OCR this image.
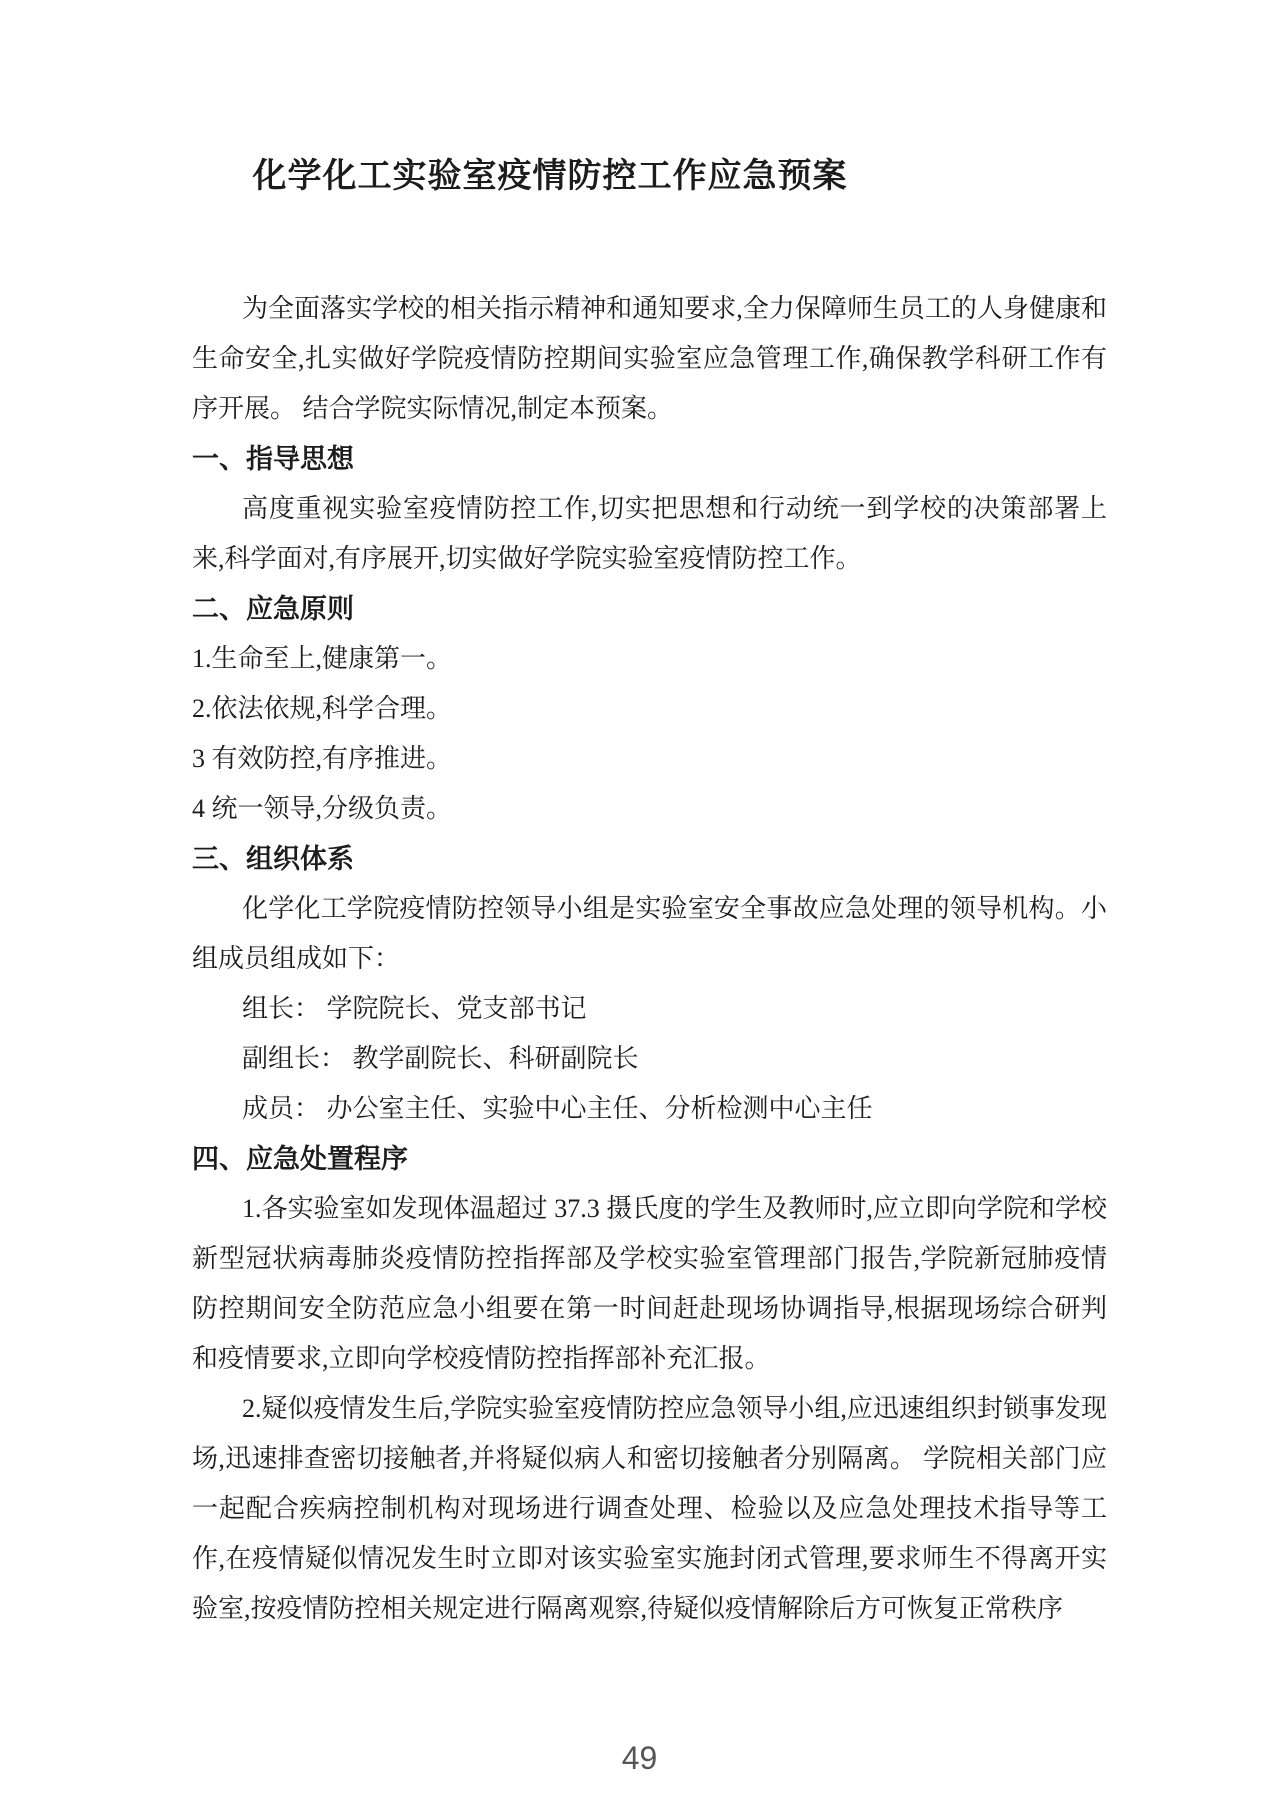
化学化工实验室疫情防控工作应急预案

为全面落实学校的相关指示精神和通知要求,全力保障师生员工的人身健康和生命安全,扎实做好学院疫情防控期间实验室应急管理工作,确保教学科研工作有序开展。 结合学院实际情况,制定本预案。

一、指导思想

高度重视实验室疫情防控工作,切实把思想和行动统一到学校的决策部署上来,科学面对,有序展开,切实做好学院实验室疫情防控工作。

二、应急原则

1.生命至上,健康第一。

2.依法依规,科学合理。

3 有效防控,有序推进。

4 统一领导,分级负责。

三、组织体系

化学化工学院疫情防控领导小组是实验室安全事故应急处理的领导机构。小组成员组成如下：

组长： 学院院长、党支部书记

副组长： 教学副院长、科研副院长

成员： 办公室主任、实验中心主任、分析检测中心主任

四、应急处置程序

1.各实验室如发现体温超过 37.3 摄氏度的学生及教师时,应立即向学院和学校新型冠状病毒肺炎疫情防控指挥部及学校实验室管理部门报告,学院新冠肺疫情防控期间安全防范应急小组要在第一时间赶赴现场协调指导,根据现场综合研判和疫情要求,立即向学校疫情防控指挥部补充汇报。

2.疑似疫情发生后,学院实验室疫情防控应急领导小组,应迅速组织封锁事发现场,迅速排查密切接触者,并将疑似病人和密切接触者分别隔离。 学院相关部门应一起配合疾病控制机构对现场进行调查处理、检验以及应急处理技术指导等工作,在疫情疑似情况发生时立即对该实验室实施封闭式管理,要求师生不得离开实验室,按疫情防控相关规定进行隔离观察,待疑似疫情解除后方可恢复正常秩序

49
